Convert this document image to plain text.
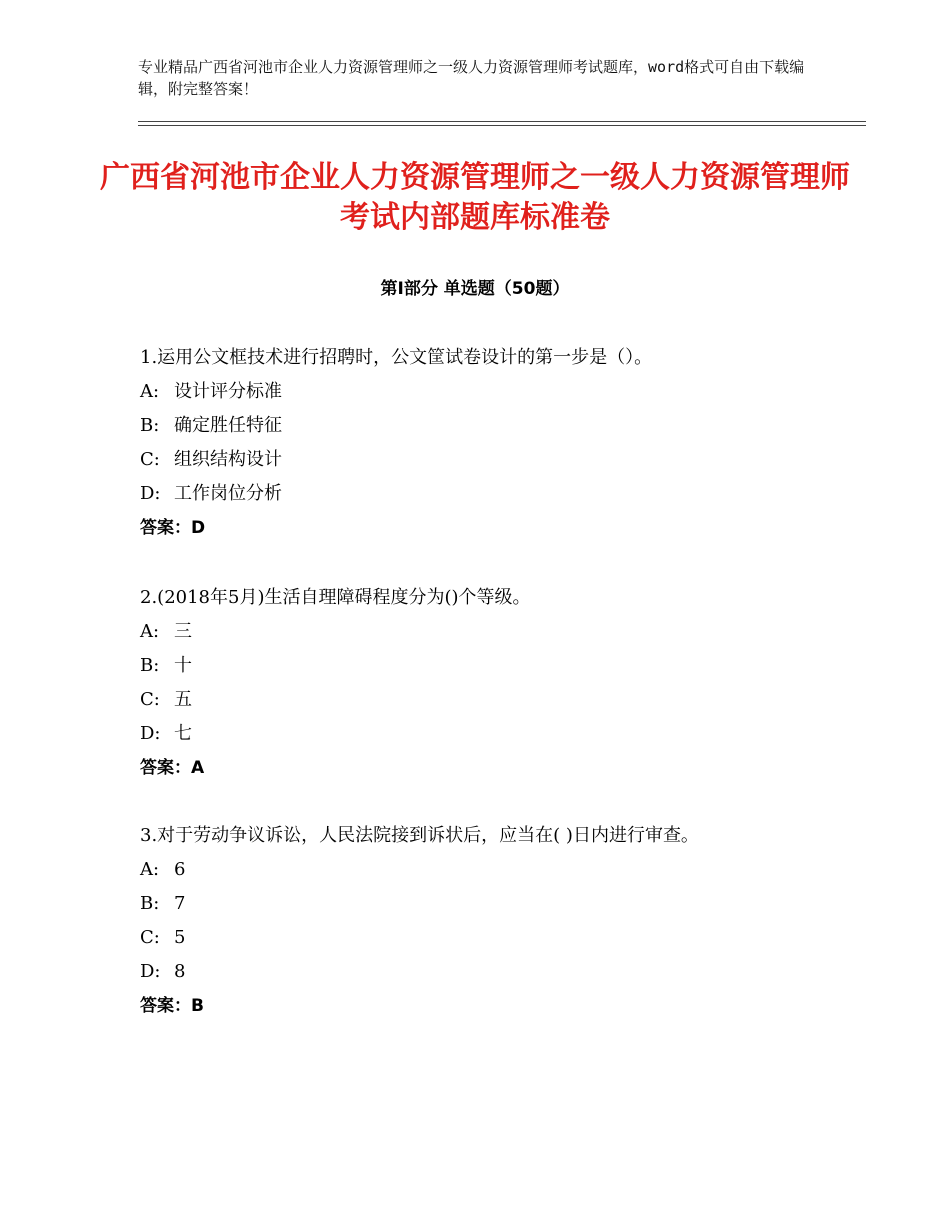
专业精品广西省河池市企业人力资源管理师之一级人力资源管理师考试题库，word格式可自由下载编辑，附完整答案！
广西省河池市企业人力资源管理师之一级人力资源管理师考试内部题库标准卷
第Ⅰ部分 单选题（50题）
1.运用公文框技术进行招聘时，公文筐试卷设计的第一步是（）。
A: 设计评分标准
B: 确定胜任特征
C: 组织结构设计
D: 工作岗位分析
答案：D
2.(2018年5月)生活自理障碍程度分为()个等级。
A: 三
B: 十
C: 五
D: 七
答案：A
3.对于劳动争议诉讼，人民法院接到诉状后，应当在( )日内进行审查。
A: 6
B: 7
C: 5
D: 8
答案：B
